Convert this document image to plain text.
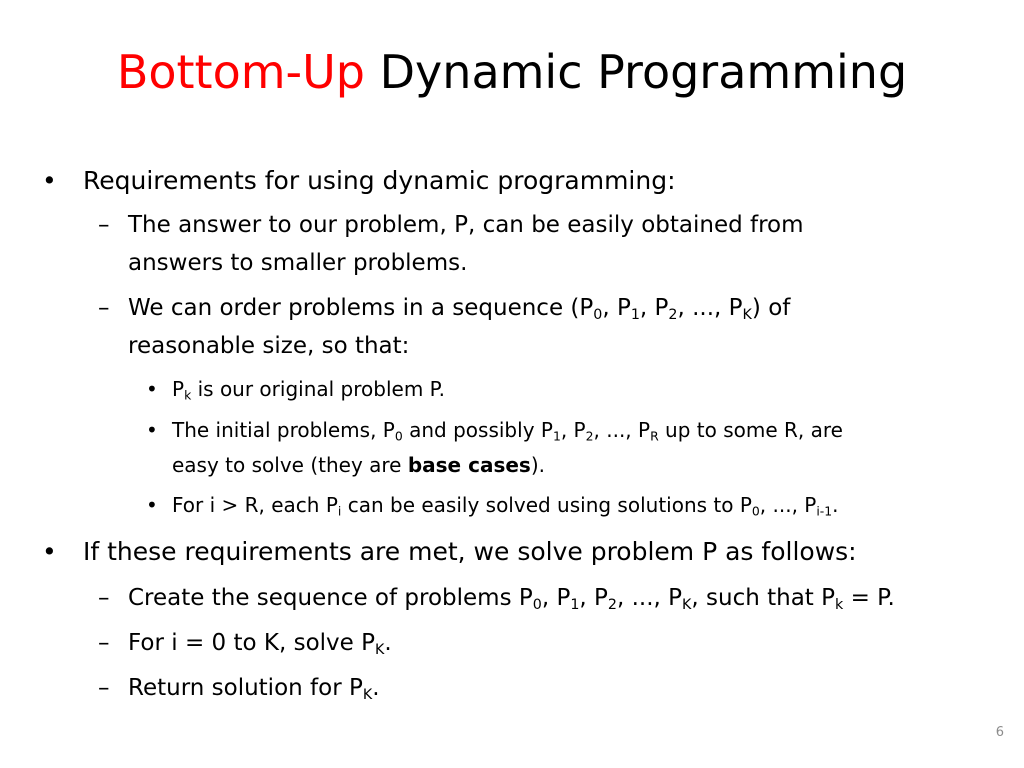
Bottom-Up Dynamic Programming
• Requirements for using dynamic programming:
– The answer to our problem, P, can be easily obtained from
answers to smaller problems.
– We can order problems in a sequence ($P_0$, $P_1$, $P_2$, ..., $P_K$) of
reasonable size, so that:
• $P_k$ is our original problem P.
• The initial problems, $P_0$ and possibly $P_1$, $P_2$, ..., $P_R$ up to some R, are
easy to solve (they are base cases).
• For i > R, each $P_i$ can be easily solved using solutions to $P_0$, ..., $P_{i-1}$.
• If these requirements are met, we solve problem P as follows:
– Create the sequence of problems $P_0$, $P_1$, $P_2$, ..., $P_K$, such that $P_k = P$.
– For i = 0 to K, solve $P_K$.
– Return solution for $P_K$.
6
